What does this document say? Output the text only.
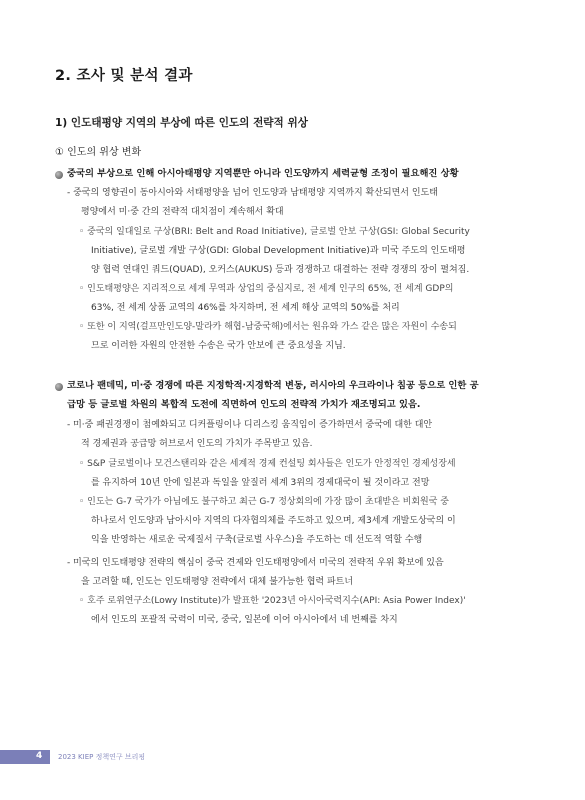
2. 조사 및 분석 결과
1) 인도태평양 지역의 부상에 따른 인도의 전략적 위상
① 인도의 위상 변화
중국의 부상으로 인해 아시아태평양 지역뿐만 아니라 인도양까지 세력균형 조정이 필요해진 상황
- 중국의 영향권이 동아시아와 서태평양을 넘어 인도양과 남태평양 지역까지 확산되면서 인도태
평양에서 미‧중 간의 전략적 대치점이 계속해서 확대
◦ 중국의 일대일로 구상(BRI: Belt and Road Initiative), 글로벌 안보 구상(GSI: Global Security
Initiative), 글로벌 개발 구상(GDI: Global Development Initiative)과 미국 주도의 인도태평
양 협력 연대인 쿼드(QUAD), 오커스(AUKUS) 등과 경쟁하고 대결하는 전략 경쟁의 장이 펼쳐짐.
◦ 인도태평양은 지리적으로 세계 무역과 상업의 중심지로, 전 세계 인구의 65%, 전 세계 GDP의
63%, 전 세계 상품 교역의 46%를 차지하며, 전 세계 해상 교역의 50%를 처리
◦ 또한 이 지역(걸프만인도양-말라카 해협-남중국해)에서는 원유와 가스 같은 많은 자원이 수송되
므로 이러한 자원의 안전한 수송은 국가 안보에 큰 중요성을 지님.
코로나 팬데믹, 미‧중 경쟁에 따른 지정학적‧지경학적 변동, 러시아의 우크라이나 침공 등으로 인한 공
급망 등 글로벌 차원의 복합적 도전에 직면하여 인도의 전략적 가치가 재조명되고 있음.
- 미‧중 패권경쟁이 첨예화되고 디커플링이나 디리스킹 움직임이 증가하면서 중국에 대한 대안
적 경제권과 공급망 허브로서 인도의 가치가 주목받고 있음.
◦ S&P 글로벌이나 모건스탠리와 같은 세계적 경제 컨설팅 회사들은 인도가 안정적인 경제성장세
를 유지하여 10년 안에 일본과 독일을 앞질러 세계 3위의 경제대국이 될 것이라고 전망
◦ 인도는 G-7 국가가 아님에도 불구하고 최근 G-7 정상회의에 가장 많이 초대받은 비회원국 중
하나로서 인도양과 남아시아 지역의 다자협의체를 주도하고 있으며, 제3세계 개발도상국의 이
익을 반영하는 새로운 국제질서 구축(글로벌 사우스)을 주도하는 데 선도적 역할 수행
- 미국의 인도태평양 전략의 핵심이 중국 견제와 인도태평양에서 미국의 전략적 우위 확보에 있음
을 고려할 때, 인도는 인도태평양 전략에서 대체 불가능한 협력 파트너
◦ 호주 로위연구소(Lowy Institute)가 발표한 '2023년 아시아국력지수(API: Asia Power Index)'
에서 인도의 포괄적 국력이 미국, 중국, 일본에 이어 아시아에서 네 번째를 차지
4 2023 KIEP 정책연구 브리핑
